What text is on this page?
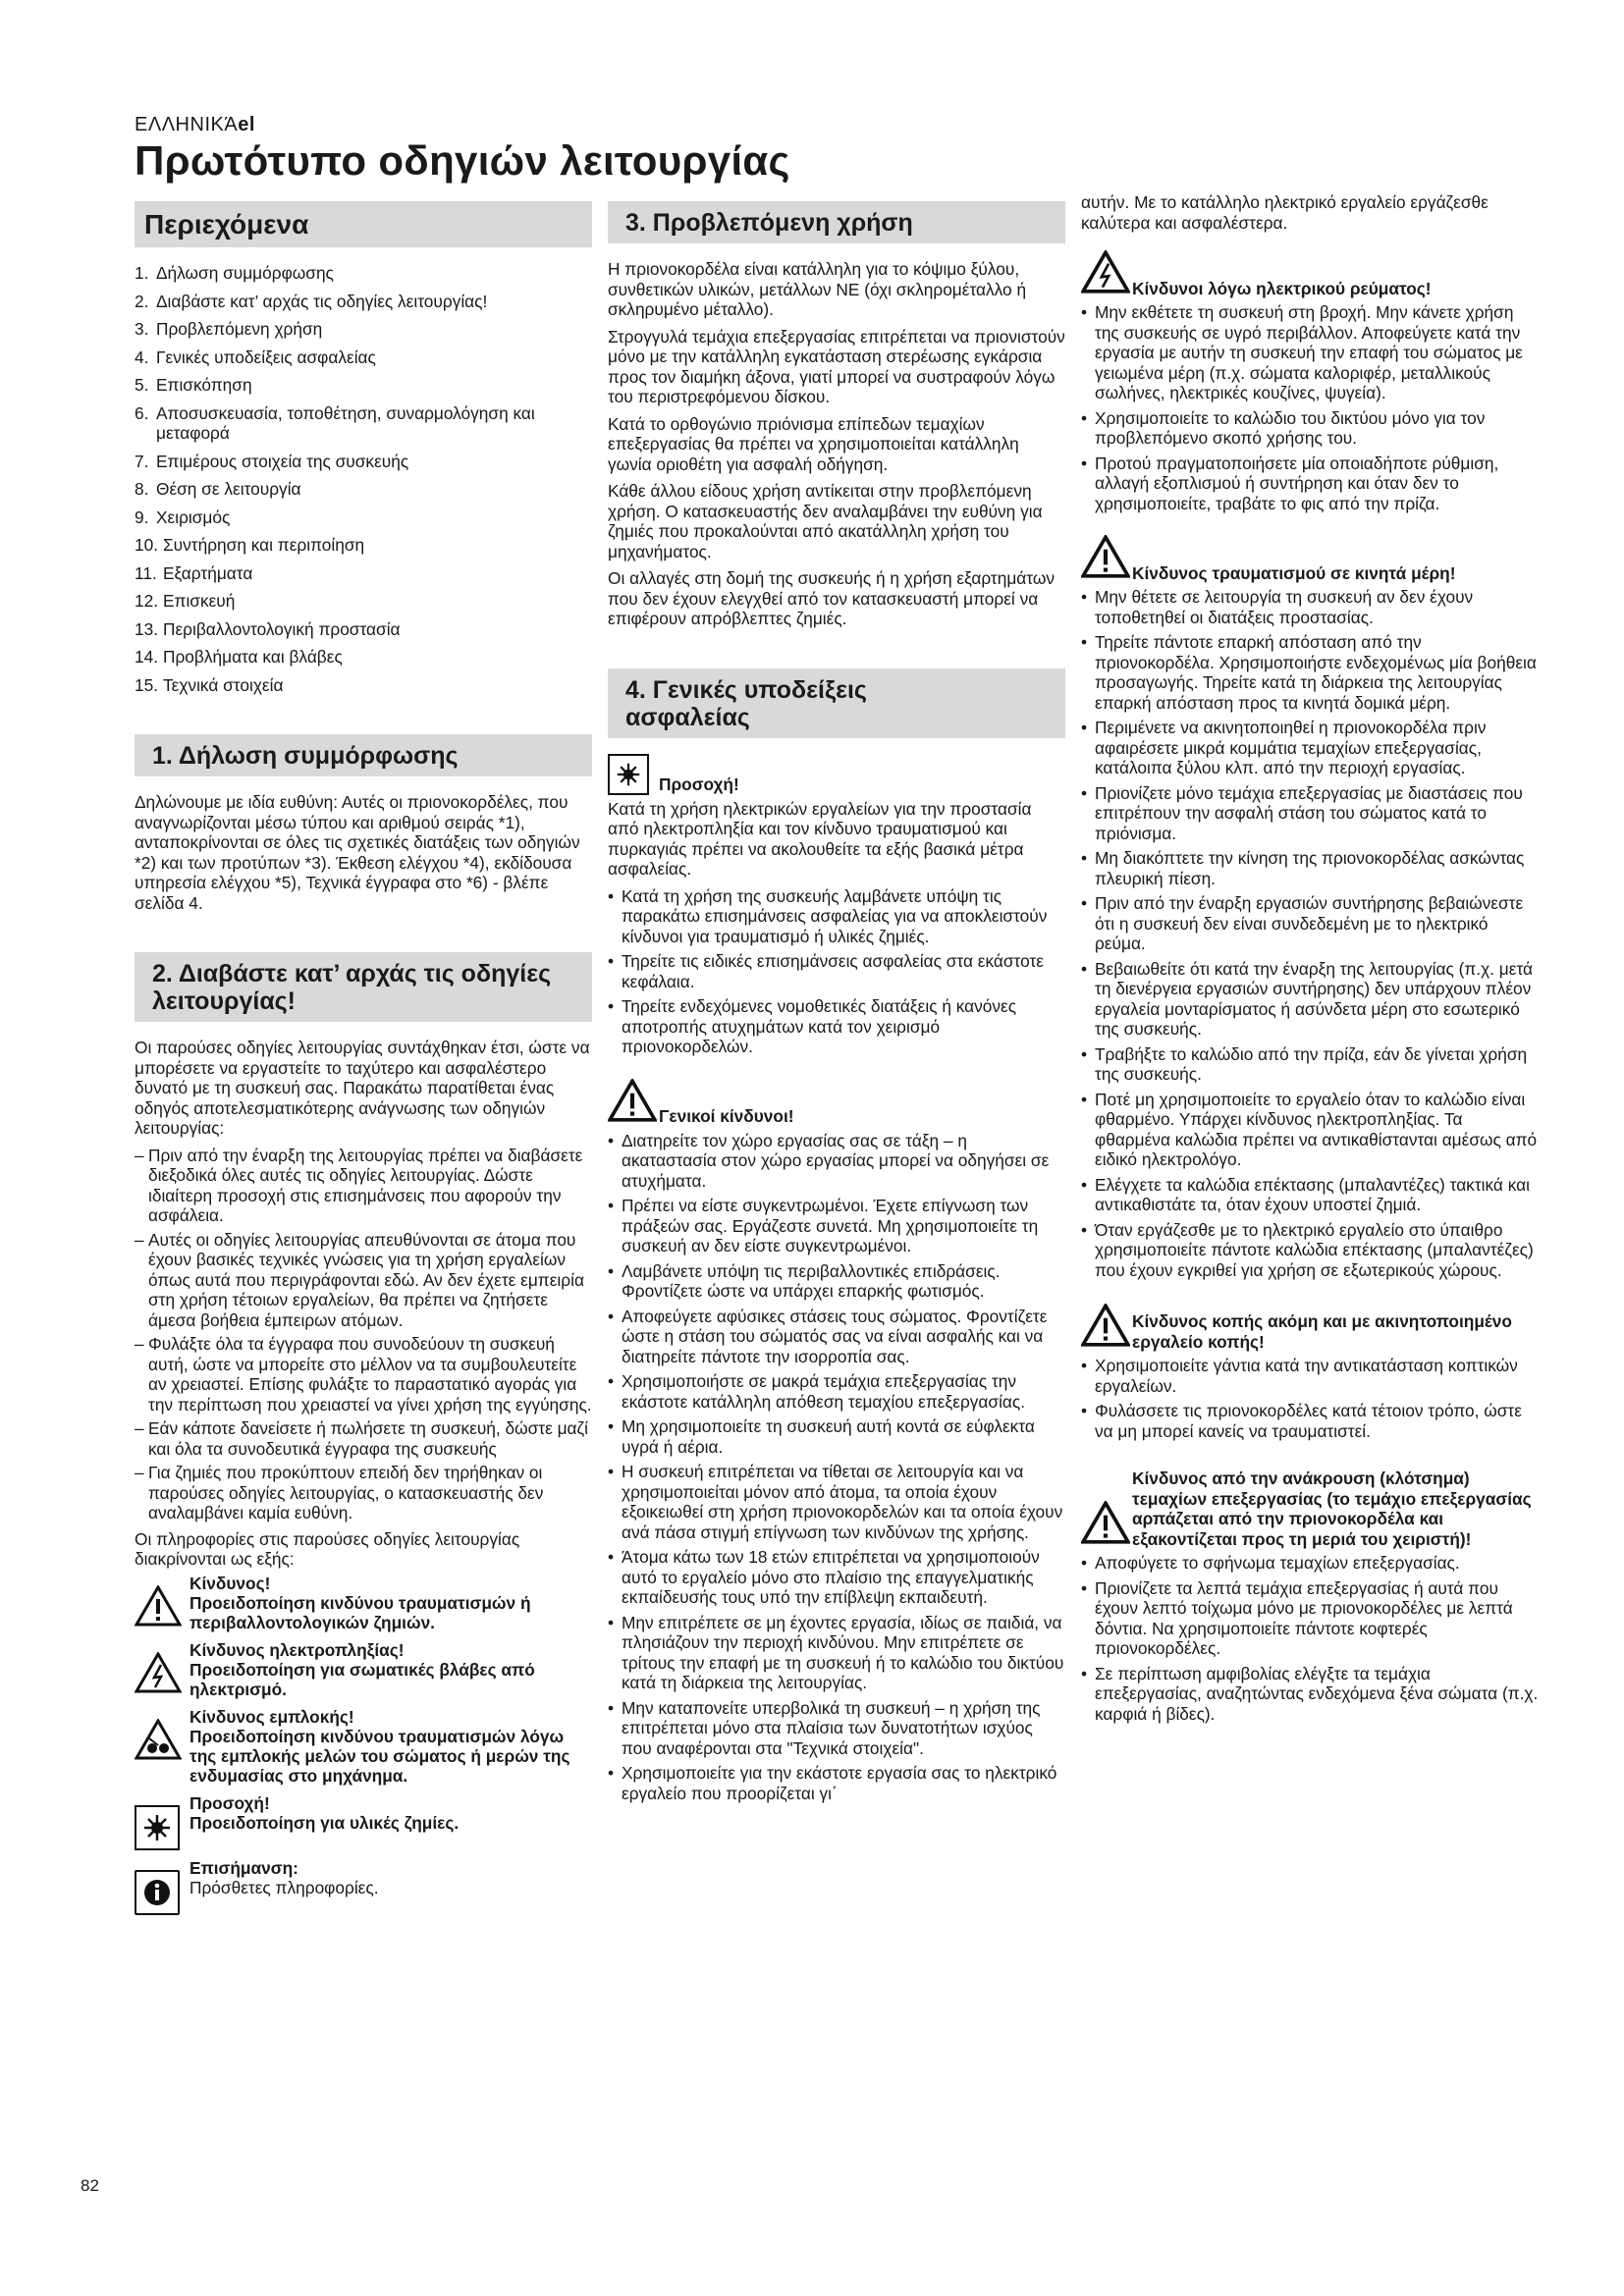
ΕΛΛΗΝΙΚΆel
Πρωτότυπο οδηγιών λειτουργίας
Περιεχόμενα
1. Δήλωση συμμόρφωσης
2. Διαβάστε κατ’ αρχάς τις οδηγίες λειτουργίας!
3. Προβλεπόμενη χρήση
4. Γενικές υποδείξεις ασφαλείας
5. Επισκόπηση
6. Αποσυσκευασία, τοποθέτηση, συναρμολόγηση και μεταφορά
7. Επιμέρους στοιχεία της συσκευής
8. Θέση σε λειτουργία
9. Χειρισμός
10. Συντήρηση και περιποίηση
11. Εξαρτήματα
12. Επισκευή
13. Περιβαλλοντολογική προστασία
14. Προβλήματα και βλάβες
15. Τεχνικά στοιχεία
1. Δήλωση συμμόρφωσης

Δηλώνουμε με ιδία ευθύνη: Αυτές οι πριονοκορδέλες, που αναγνωρίζονται μέσω τύπου και αριθμού σειράς *1), ανταποκρίνονται σε όλες τις σχετικές διατάξεις των οδηγιών *2) και των προτύπων *3). Έκθεση ελέγχου *4), εκδίδουσα υπηρεσία ελέγχου *5), Τεχνικά έγγραφα στο *6) - βλέπε σελίδα 4.

2. Διαβάστε κατ’ αρχάς τις οδηγίες λειτουργίας!

Οι παρούσες οδηγίες λειτουργίας συντάχθηκαν έτσι, ώστε να μπορέσετε να εργαστείτε το ταχύτερο και ασφαλέστερο δυνατό με τη συσκευή σας. Παρακάτω παρατίθεται ένας οδηγός αποτελεσματικότερης ανάγνωσης των οδηγιών λειτουργίας:

– Πριν από την έναρξη της λειτουργίας πρέπει να διαβάσετε διεξοδικά όλες αυτές τις οδηγίες λειτουργίας. Δώστε ιδιαίτερη προσοχή στις επισημάνσεις που αφορούν την ασφάλεια.
– Αυτές οι οδηγίες λειτουργίας απευθύνονται σε άτομα που έχουν βασικές τεχνικές γνώσεις για τη χρήση εργαλείων όπως αυτά που περιγράφονται εδώ. Αν δεν έχετε εμπειρία στη χρήση τέτοιων εργαλείων, θα πρέπει να ζητήσετε άμεσα βοήθεια έμπειρων ατόμων.
– Φυλάξτε όλα τα έγγραφα που συνοδεύουν τη συσκευή αυτή, ώστε να μπορείτε στο μέλλον να τα συμβουλευτείτε αν χρειαστεί. Επίσης φυλάξτε το παραστατικό αγοράς για την περίπτωση που χρειαστεί να γίνει χρήση της εγγύησης.
– Εάν κάποτε δανείσετε ή πωλήσετε τη συσκευή, δώστε μαζί και όλα τα συνοδευτικά έγγραφα της συσκευής
– Για ζημιές που προκύπτουν επειδή δεν τηρήθηκαν οι παρούσες οδηγίες λειτουργίας, ο κατασκευαστής δεν αναλαμβάνει καμία ευθύνη.

Οι πληροφορίες στις παρούσες οδηγίες λειτουργίας διακρίνονται ως εξής:

Κίνδυνος!
Προειδοποίηση κινδύνου τραυματισμών ή περιβαλλοντολογικών ζημιών.
Κίνδυνος ηλεκτροπληξίας!
Προειδοποίηση για σωματικές βλάβες από ηλεκτρισμό.
Κίνδυνος εμπλοκής!
Προειδοποίηση κινδύνου τραυματισμών λόγω της εμπλοκής μελών του σώματος ή μερών της ενδυμασίας στο μηχάνημα.
Προσοχή!
Προειδοποίηση για υλικές ζημίες.
Επισήμανση:
Πρόσθετες πληροφορίες.
3. Προβλεπόμενη χρήση

Η πριονοκορδέλα είναι κατάλληλη για το κόψιμο ξύλου, συνθετικών υλικών, μετάλλων ΝΕ (όχι σκληρομέταλλο ή σκληρυμένο μέταλλο).

Στρογγυλά τεμάχια επεξεργασίας επιτρέπεται να πριονιστούν μόνο με την κατάλληλη εγκατάσταση στερέωσης εγκάρσια προς τον διαμήκη άξονα, γιατί μπορεί να συστραφούν λόγω του περιστρεφόμενου δίσκου.

Κατά το ορθογώνιο πριόνισμα επίπεδων τεμαχίων επεξεργασίας θα πρέπει να χρησιμοποιείται κατάλληλη γωνία οριοθέτη για ασφαλή οδήγηση.

Κάθε άλλου είδους χρήση αντίκειται στην προβλεπόμενη χρήση. Ο κατασκευαστής δεν αναλαμβάνει την ευθύνη για ζημιές που προκαλούνται από ακατάλληλη χρήση του μηχανήματος.

Οι αλλαγές στη δομή της συσκευής ή η χρήση εξαρτημάτων που δεν έχουν ελεγχθεί από τον κατασκευαστή μπορεί να επιφέρουν απρόβλεπτες ζημιές.

4. Γενικές υποδείξεις ασφαλείας
Προσοχή!

Κατά τη χρήση ηλεκτρικών εργαλείων για την προστασία από ηλεκτροπληξία και τον κίνδυνο τραυματισμού και πυρκαγιάς πρέπει να ακολουθείτε τα εξής βασικά μέτρα ασφαλείας.

• Κατά τη χρήση της συσκευής λαμβάνετε υπόψη τις παρακάτω επισημάνσεις ασφαλείας για να αποκλειστούν κίνδυνοι για τραυματισμό ή υλικές ζημιές.
• Τηρείτε τις ειδικές επισημάνσεις ασφαλείας στα εκάστοτε κεφάλαια.
• Τηρείτε ενδεχόμενες νομοθετικές διατάξεις ή κανόνες αποτροπής ατυχημάτων κατά τον χειρισμό πριονοκορδελών.
Γενικοί κίνδυνοι!
• Διατηρείτε τον χώρο εργασίας σας σε τάξη – η ακαταστασία στον χώρο εργασίας μπορεί να οδηγήσει σε ατυχήματα.
• Πρέπει να είστε συγκεντρωμένοι. Έχετε επίγνωση των πράξεών σας. Εργάζεστε συνετά. Μη χρησιμοποιείτε τη συσκευή αν δεν είστε συγκεντρωμένοι.
• Λαμβάνετε υπόψη τις περιβαλλοντικές επιδράσεις. Φροντίζετε ώστε να υπάρχει επαρκής φωτισμός.
• Αποφεύγετε αφύσικες στάσεις τους σώματος. Φροντίζετε ώστε η στάση του σώματός σας να είναι ασφαλής και να διατηρείτε πάντοτε την ισορροπία σας.
• Χρησιμοποιήστε σε μακρά τεμάχια επεξεργασίας την εκάστοτε κατάλληλη απόθεση τεμαχίου επεξεργασίας.
• Μη χρησιμοποιείτε τη συσκευή αυτή κοντά σε εύφλεκτα υγρά ή αέρια.
• Η συσκευή επιτρέπεται να τίθεται σε λειτουργία και να χρησιμοποιείται μόνον από άτομα, τα οποία έχουν εξοικειωθεί στη χρήση πριονοκορδελών και τα οποία έχουν ανά πάσα στιγμή επίγνωση των κινδύνων της χρήσης.
• Άτομα κάτω των 18 ετών επιτρέπεται να χρησιμοποιούν αυτό το εργαλείο μόνο στο πλαίσιο της επαγγελματικής εκπαίδευσής τους υπό την επίβλεψη εκπαιδευτή.
• Μην επιτρέπετε σε μη έχοντες εργασία, ιδίως σε παιδιά, να πλησιάζουν την περιοχή κινδύνου. Μην επιτρέπετε σε τρίτους την επαφή με τη συσκευή ή το καλώδιο του δικτύου κατά τη διάρκεια της λειτουργίας.
• Μην καταπονείτε υπερβολικά τη συσκευή – η χρήση της επιτρέπεται μόνο στα πλαίσια των δυνατοτήτων ισχύος που αναφέρονται στα "Τεχνικά στοιχεία".
• Χρησιμοποιείτε για την εκάστοτε εργασία σας το ηλεκτρικό εργαλείο που προορίζεται γι΄

αυτήν. Με το κατάλληλο ηλεκτρικό εργαλείο εργάζεσθε καλύτερα και ασφαλέστερα.

Κίνδυνοι λόγω ηλεκτρικού ρεύματος!
• Μην εκθέτετε τη συσκευή στη βροχή. Μην κάνετε χρήση της συσκευής σε υγρό περιβάλλον. Αποφεύγετε κατά την εργασία με αυτήν τη συσκευή την επαφή του σώματος με γειωμένα μέρη (π.χ. σώματα καλοριφέρ, μεταλλικούς σωλήνες, ηλεκτρικές κουζίνες, ψυγεία).
• Χρησιμοποιείτε το καλώδιο του δικτύου μόνο για τον προβλεπόμενο σκοπό χρήσης του.
• Προτού πραγματοποιήσετε μία οποιαδήποτε ρύθμιση, αλλαγή εξοπλισμού ή συντήρηση και όταν δεν το χρησιμοποιείτε, τραβάτε το φις από την πρίζα.
Κίνδυνος τραυματισμού σε κινητά μέρη!
• Μην θέτετε σε λειτουργία τη συσκευή αν δεν έχουν τοποθετηθεί οι διατάξεις προστασίας.
• Τηρείτε πάντοτε επαρκή απόσταση από την πριονοκορδέλα. Χρησιμοποιήστε ενδεχομένως μία βοήθεια προσαγωγής. Τηρείτε κατά τη διάρκεια της λειτουργίας επαρκή απόσταση προς τα κινητά δομικά μέρη.
• Περιμένετε να ακινητοποιηθεί η πριονοκορδέλα πριν αφαιρέσετε μικρά κομμάτια τεμαχίων επεξεργασίας, κατάλοιπα ξύλου κλπ. από την περιοχή εργασίας.
• Πριονίζετε μόνο τεμάχια επεξεργασίας με διαστάσεις που επιτρέπουν την ασφαλή στάση του σώματος κατά το πριόνισμα.
• Μη διακόπτετε την κίνηση της πριονοκορδέλας ασκώντας πλευρική πίεση.
• Πριν από την έναρξη εργασιών συντήρησης βεβαιώνεστε ότι η συσκευή δεν είναι συνδεδεμένη με το ηλεκτρικό ρεύμα.
• Βεβαιωθείτε ότι κατά την έναρξη της λειτουργίας (π.χ. μετά τη διενέργεια εργασιών συντήρησης) δεν υπάρχουν πλέον εργαλεία μονταρίσματος ή ασύνδετα μέρη στο εσωτερικό της συσκευής.
• Τραβήξτε το καλώδιο από την πρίζα, εάν δε γίνεται χρήση της συσκευής.
• Ποτέ μη χρησιμοποιείτε το εργαλείο όταν το καλώδιο είναι φθαρμένο. Υπάρχει κίνδυνος ηλεκτροπληξίας. Τα φθαρμένα καλώδια πρέπει να αντικαθίστανται αμέσως από ειδικό ηλεκτρολόγο.
• Ελέγχετε τα καλώδια επέκτασης (μπαλαντέζες) τακτικά και αντικαθιστάτε τα, όταν έχουν υποστεί ζημιά.
• Όταν εργάζεσθε με το ηλεκτρικό εργαλείο στο ύπαιθρο χρησιμοποιείτε πάντοτε καλώδια επέκτασης (μπαλαντέζες) που έχουν εγκριθεί για χρήση σε εξωτερικούς χώρους.
Κίνδυνος κοπής ακόμη και με ακινητοποιημένο εργαλείο κοπής!
• Χρησιμοποιείτε γάντια κατά την αντικατάσταση κοπτικών εργαλείων.
• Φυλάσσετε τις πριονοκορδέλες κατά τέτοιον τρόπο, ώστε να μη μπορεί κανείς να τραυματιστεί.
Κίνδυνος από την ανάκρουση (κλότσημα) τεμαχίων επεξεργασίας (το τεμάχιο επεξεργασίας αρπάζεται από την πριονοκορδέλα και εξακοντίζεται προς τη μεριά του χειριστή)!
• Αποφύγετε το σφήνωμα τεμαχίων επεξεργασίας.
• Πριονίζετε τα λεπτά τεμάχια επεξεργασίας ή αυτά που έχουν λεπτό τοίχωμα μόνο με πριονοκορδέλες με λεπτά δόντια. Να χρησιμοποιείτε πάντοτε κοφτερές πριονοκορδέλες.
• Σε περίπτωση αμφιβολίας ελέγξτε τα τεμάχια επεξεργασίας, αναζητώντας ενδεχόμενα ξένα σώματα (π.χ. καρφιά ή βίδες).
82
